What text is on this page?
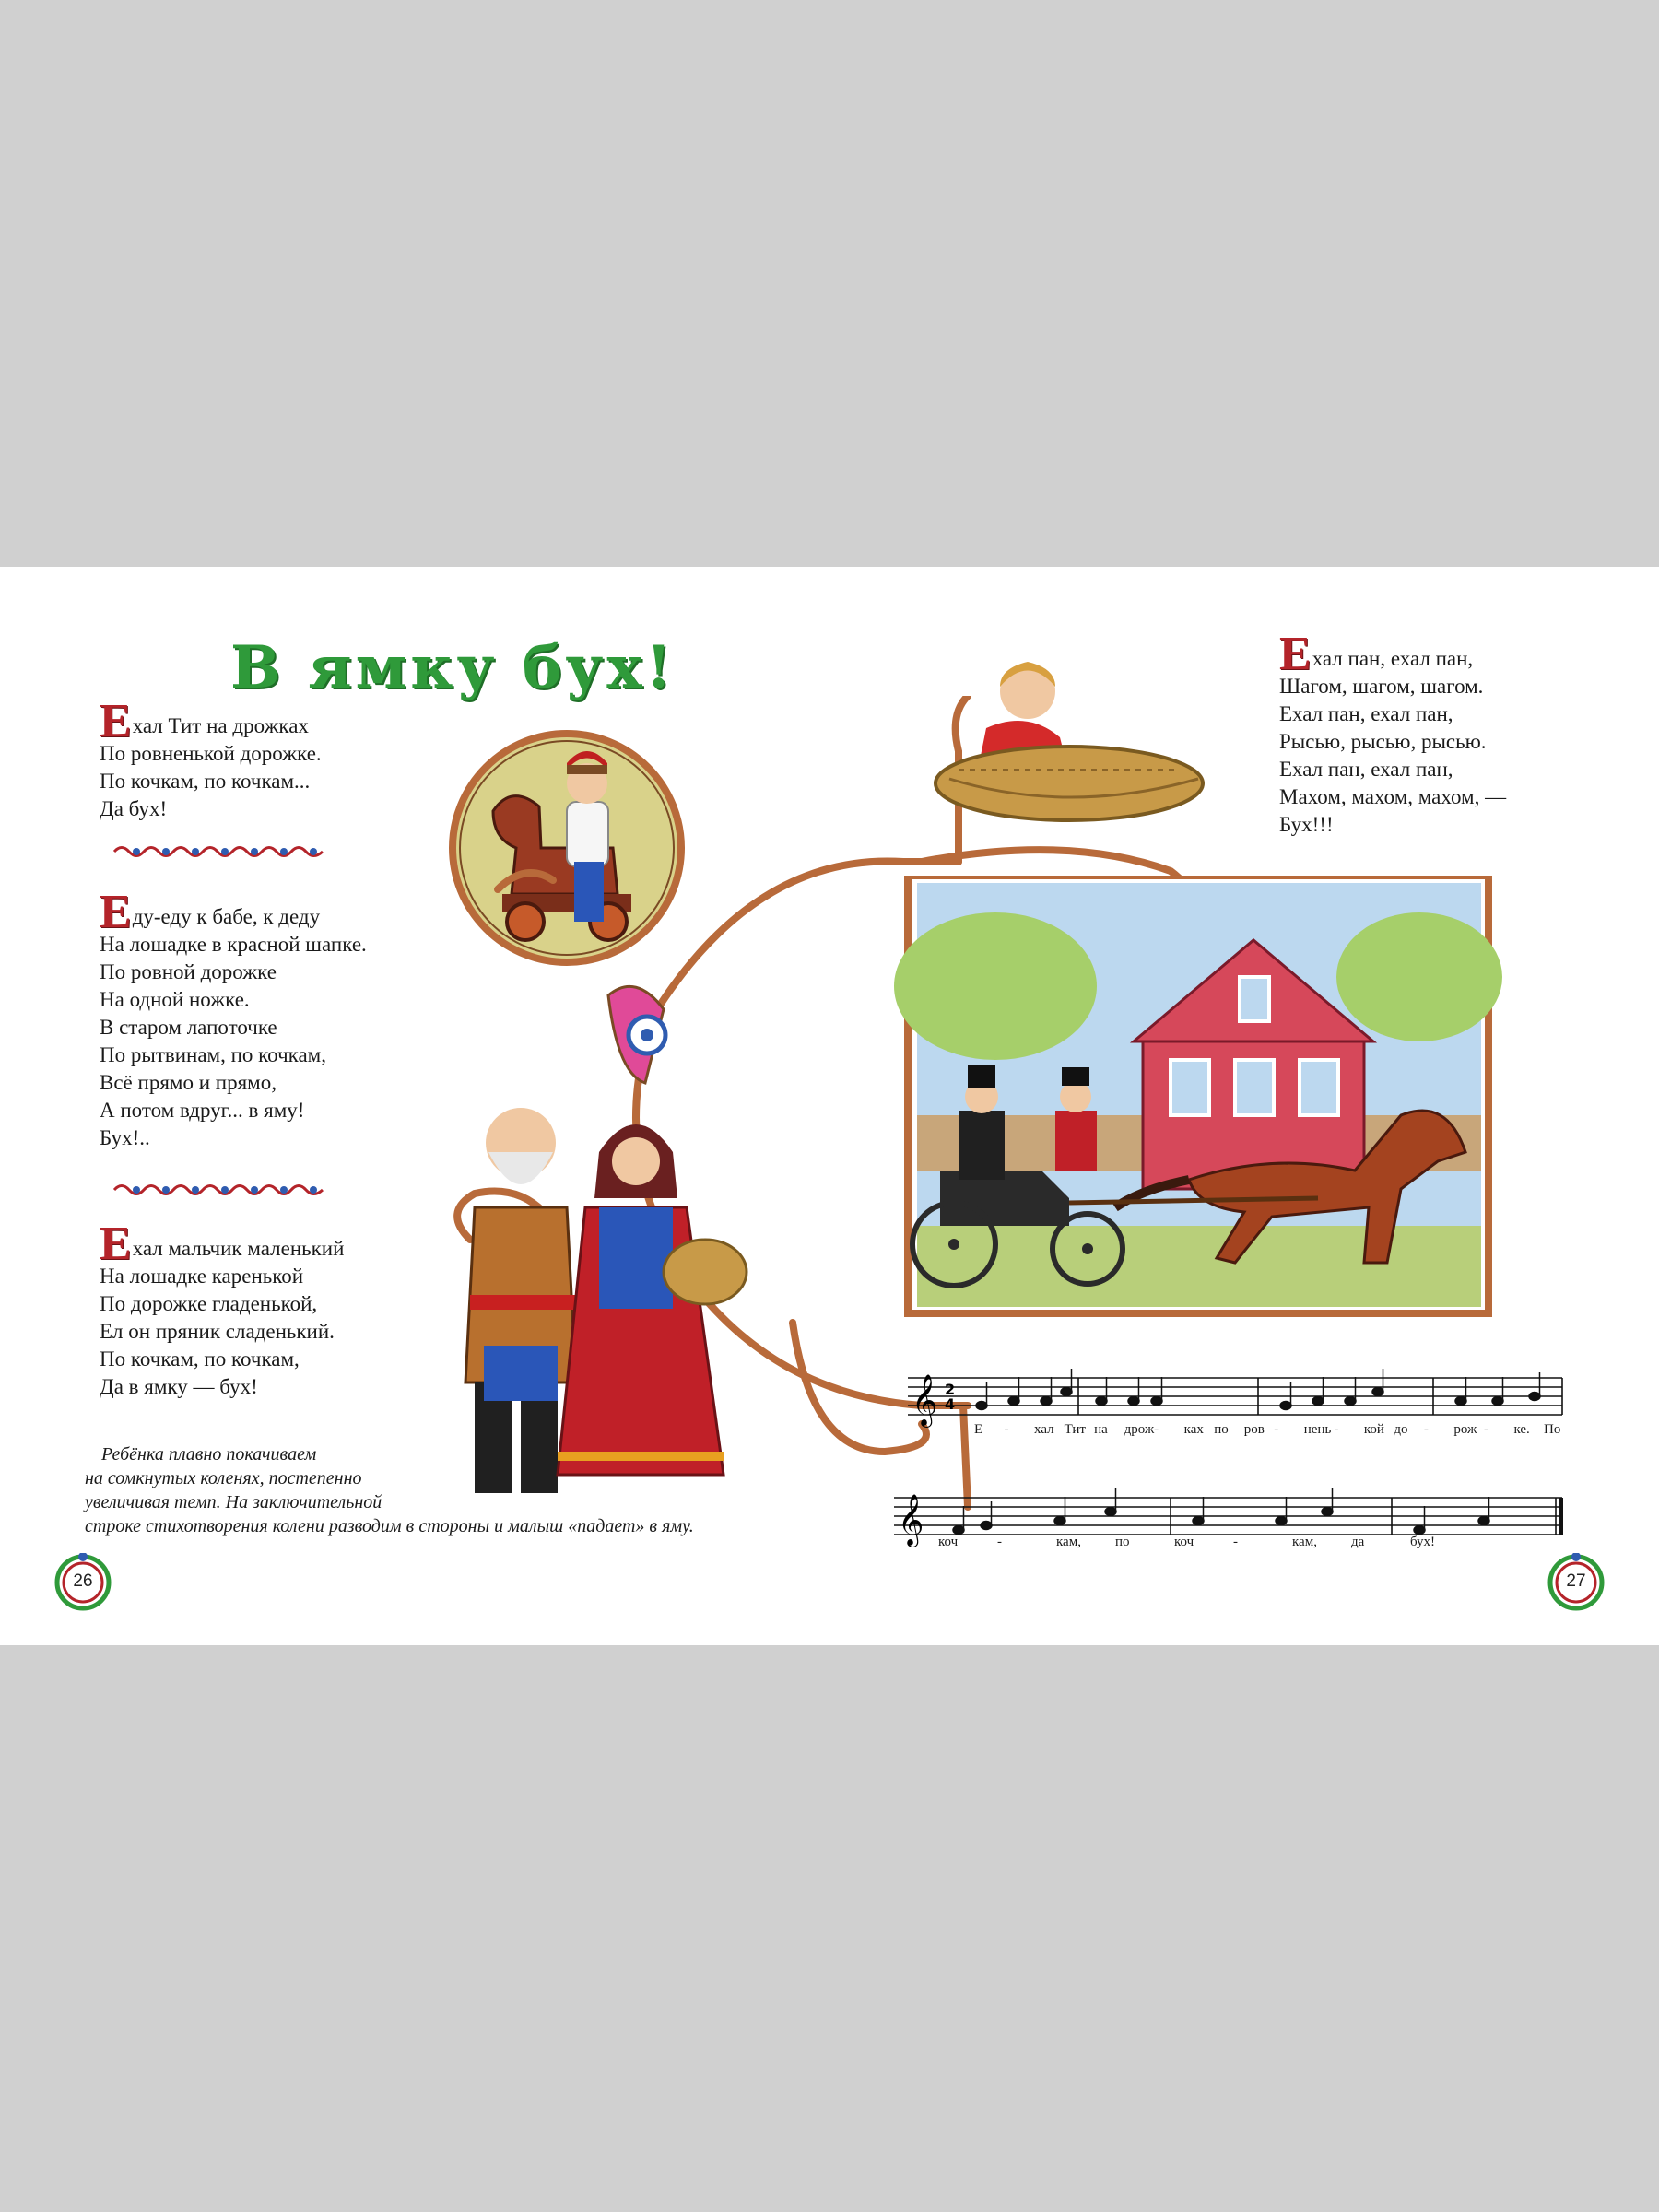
В ямку бух!
Ехал Тит на дрожках
По ровненькой дорожке.
По кочкам, по кочкам...
Да бух!
Еду-еду к бабе, к деду
На лошадке в красной шапке.
По ровной дорожке
На одной ножке.
В старом лапоточке
По рытвинам, по кочкам,
Всё прямо и прямо,
А потом вдруг... в яму!
Бух!..
Ехал мальчик маленький
На лошадке каренькой
По дорожке гладенькой,
Ел он пряник сладенький.
По кочкам, по кочкам,
Да в ямку — бух!
Ребёнка плавно покачиваем
на сомкнутых коленях, постепенно
увеличивая темп. На заключительной
строке стихотворения колени разводим в стороны и малыш «падает» в яму.
Ехал пан, ехал пан,
Шагом, шагом, шагом.
Ехал пан, ехал пан,
Рысью, рысью, рысью.
Ехал пан, ехал пан,
Махом, махом, махом, —
Бух!!!
𝄞 2
4
Е - хал Тит на дрож - ках по ров - нень - кой до - рож - ке. По
𝄞 коч	-	кам, по	коч	-	кам, да	бух!
26	27
